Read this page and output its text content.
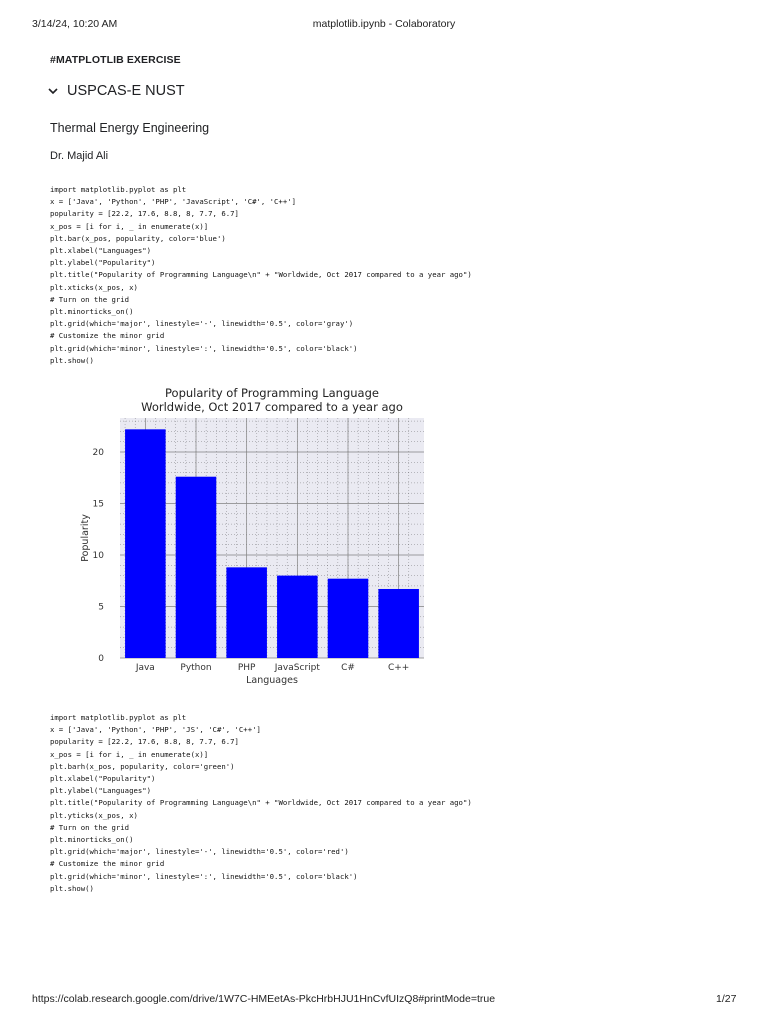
3/14/24, 10:20 AM	matplotlib.ipynb - Colaboratory
#MATPLOTLIB EXERCISE
USPCAS-E NUST
Thermal Energy Engineering
Dr. Majid Ali
import matplotlib.pyplot as plt
x = ['Java', 'Python', 'PHP', 'JavaScript', 'C#', 'C++']
popularity = [22.2, 17.6, 8.8, 8, 7.7, 6.7]
x_pos = [i for i, _ in enumerate(x)]
plt.bar(x_pos, popularity, color='blue')
plt.xlabel("Languages")
plt.ylabel("Popularity")
plt.title("Popularity of Programming Language\n" + "Worldwide, Oct 2017 compared to a year ago")
plt.xticks(x_pos, x)
# Turn on the grid
plt.minorticks_on()
plt.grid(which='major', linestyle='-', linewidth='0.5', color='gray')
# Customize the minor grid
plt.grid(which='minor', linestyle=':', linewidth='0.5', color='black')
plt.show()
0
5
10
15
20
Java	Python	PHP JavaScript C#	C++
Languages
Popularity
Popularity of Programming Language
Worldwide, Oct 2017 compared to a year ago
import matplotlib.pyplot as plt
x = ['Java', 'Python', 'PHP', 'JS', 'C#', 'C++']
popularity = [22.2, 17.6, 8.8, 8, 7.7, 6.7]
x_pos = [i for i, _ in enumerate(x)]
plt.barh(x_pos, popularity, color='green')
plt.xlabel("Popularity")
plt.ylabel("Languages")
plt.title("Popularity of Programming Language\n" + "Worldwide, Oct 2017 compared to a year ago")
plt.yticks(x_pos, x)
# Turn on the grid
plt.minorticks_on()
plt.grid(which='major', linestyle='-', linewidth='0.5', color='red')
# Customize the minor grid
plt.grid(which='minor', linestyle=':', linewidth='0.5', color='black')
plt.show()
https://colab.research.google.com/drive/1W7C-HMEetAs-PkcHrbHJU1HnCvfUIzQ8#printMode=true	1/27
